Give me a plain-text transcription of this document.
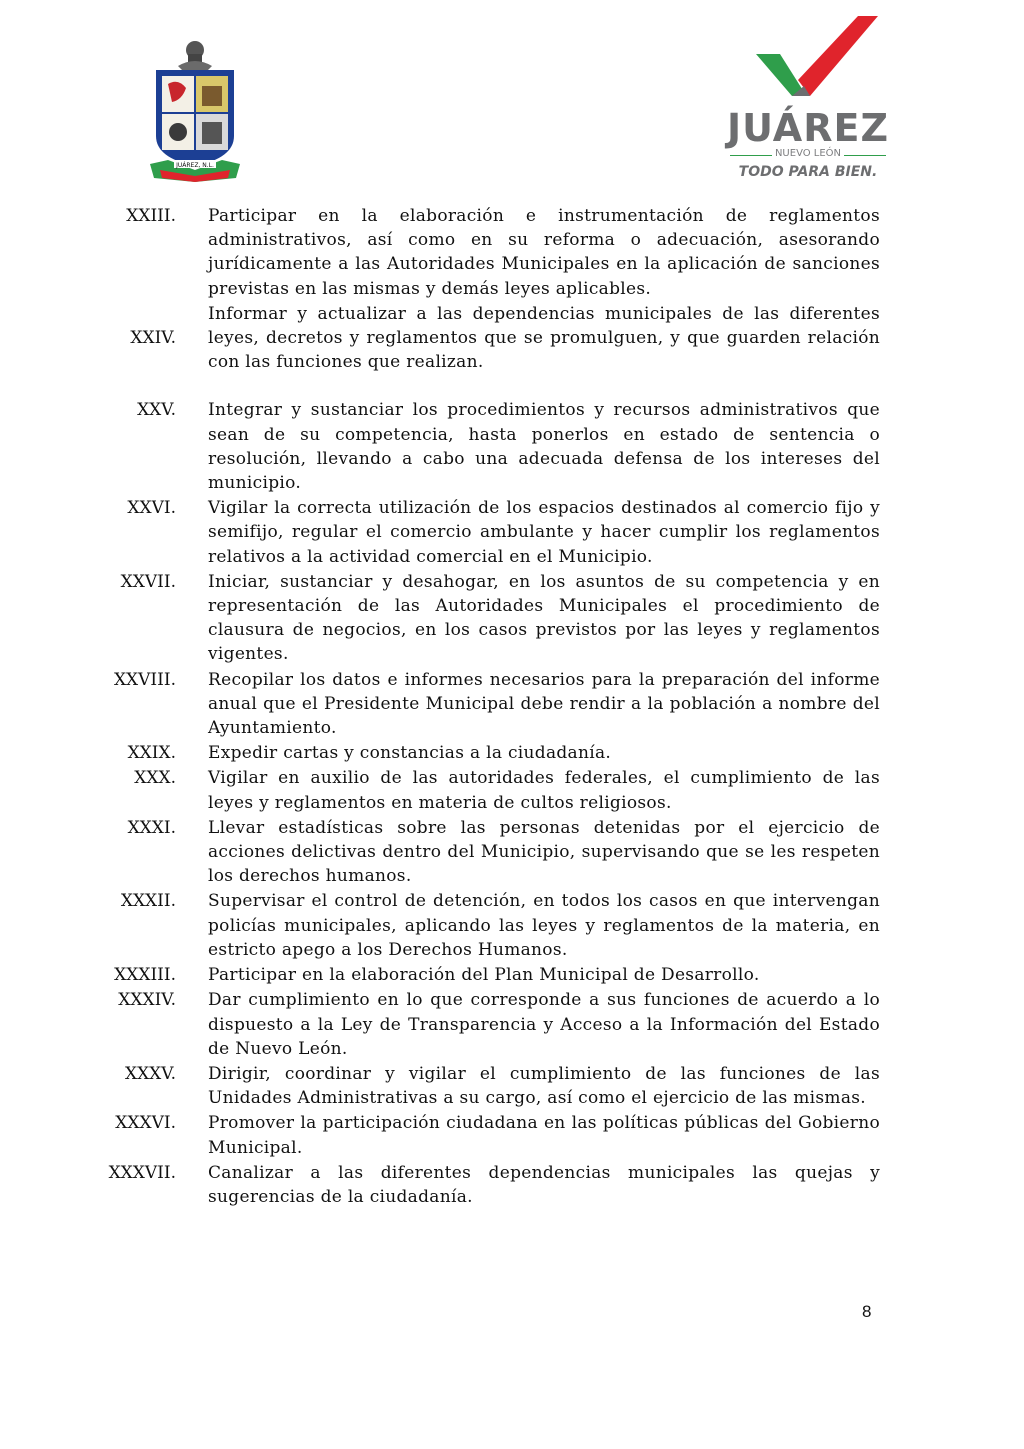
JUÁREZ, N.L.
JUÁREZ
NUEVO LEÓN
TODO PARA BIEN.
XXIII. Participar en la elaboración e instrumentación de reglamentos administrativos, así como en su reforma o adecuación, asesorando jurídicamente a las Autoridades Municipales en la aplicación de sanciones previstas en las mismas y demás leyes aplicables.
XXIV.
Informar y actualizar a las dependencias municipales de las diferentes leyes, decretos y reglamentos que se promulguen, y que guarden relación con las funciones que realizan.
XXV. Integrar y sustanciar los procedimientos y recursos administrativos que sean de su competencia, hasta ponerlos en estado de sentencia o resolución, llevando a cabo una adecuada defensa de los intereses del municipio.
XXVI. Vigilar la correcta utilización de los espacios destinados al comercio fijo y semifijo, regular el comercio ambulante y hacer cumplir los reglamentos relativos a la actividad comercial en el Municipio.
XXVII. Iniciar, sustanciar y desahogar, en los asuntos de su competencia y en representación de las Autoridades Municipales el procedimiento de clausura de negocios, en los casos previstos por las leyes y reglamentos vigentes.
XXVIII. Recopilar los datos e informes necesarios para la preparación del informe anual que el Presidente Municipal debe rendir a la población a nombre del Ayuntamiento.
XXIX. Expedir cartas y constancias a la ciudadanía.
XXX. Vigilar en auxilio de las autoridades federales, el cumplimiento de las leyes y reglamentos en materia de cultos religiosos.
XXXI. Llevar estadísticas sobre las personas detenidas por el ejercicio de acciones delictivas dentro del Municipio, supervisando que se les respeten los derechos humanos.
XXXII. Supervisar el control de detención, en todos los casos en que intervengan policías municipales, aplicando las leyes y reglamentos de la materia, en estricto apego a los Derechos Humanos.
XXXIII. Participar en la elaboración del Plan Municipal de Desarrollo.
XXXIV. Dar cumplimiento en lo que corresponde a sus funciones de acuerdo a lo dispuesto a la Ley de Transparencia y Acceso a la Información del Estado de Nuevo León.
XXXV. Dirigir, coordinar y vigilar el cumplimiento de las funciones de las Unidades Administrativas a su cargo, así como el ejercicio de las mismas.
XXXVI. Promover la participación ciudadana en las políticas públicas del Gobierno Municipal.
XXXVII. Canalizar a las diferentes dependencias municipales las quejas y sugerencias de la ciudadanía.
8
